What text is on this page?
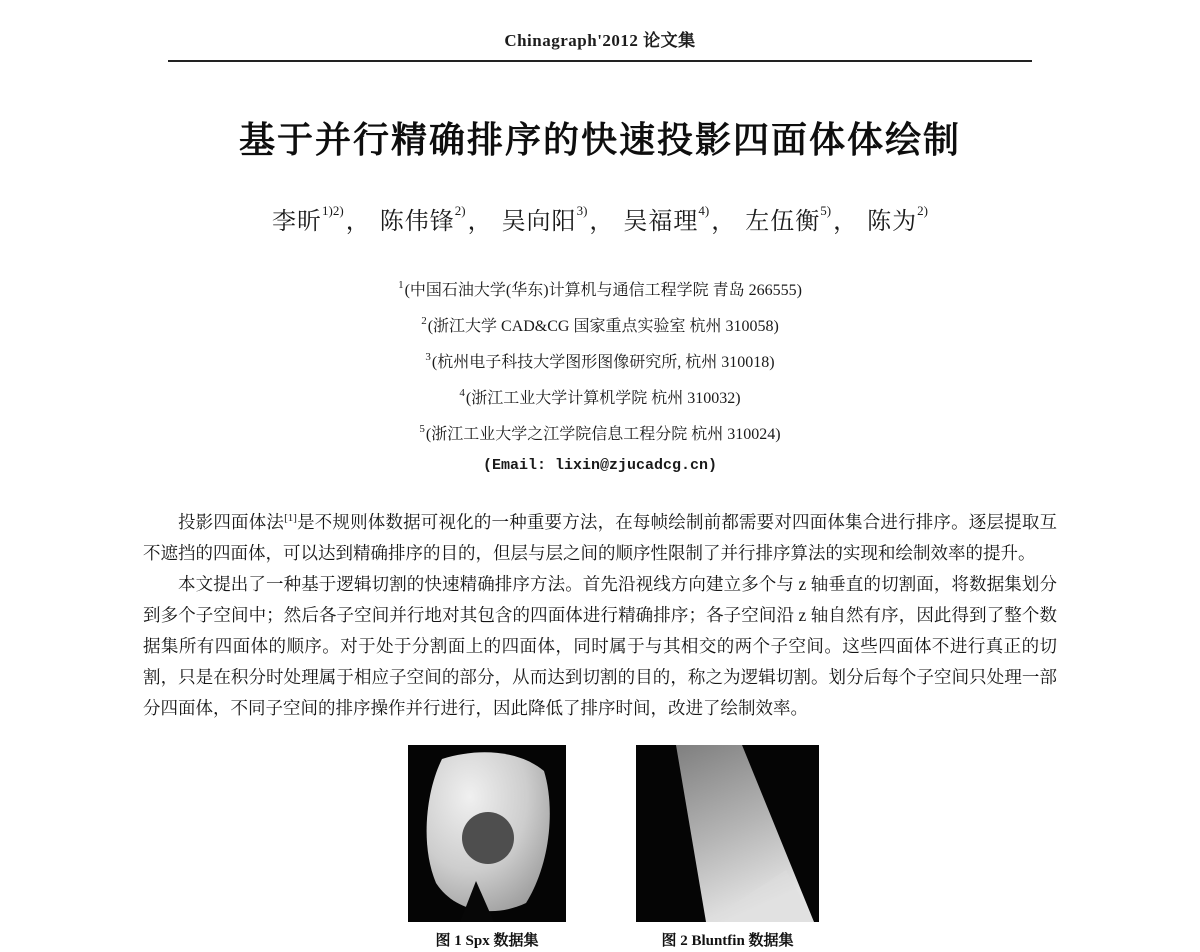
Chinagraph'2012 论文集
基于并行精确排序的快速投影四面体体绘制
李昕$^{1)2)}$， 陈伟锋$^{2)}$， 吴向阳$^{3)}$， 吴福理$^{4)}$， 左伍衡$^{5)}$， 陈为$^{2)}$
$^1$(中国石油大学(华东)计算机与通信工程学院 青岛 266555)
$^2$(浙江大学 CAD&CG 国家重点实验室 杭州 310058)
$^3$(杭州电子科技大学图形图像研究所, 杭州 310018)
$^4$(浙江工业大学计算机学院 杭州 310032)
$^5$(浙江工业大学之江学院信息工程分院 杭州 310024)
(Email: lixin@zjucadcg.cn)

投影四面体法[1]是不规则体数据可视化的一种重要方法，在每帧绘制前都需要对四面体集合进行排序。逐层提取互不遮挡的四面体，可以达到精确排序的目的，但层与层之间的顺序性限制了并行排序算法的实现和绘制效率的提升。

本文提出了一种基于逻辑切割的快速精确排序方法。首先沿视线方向建立多个与 z 轴垂直的切割面，将数据集划分到多个子空间中；然后各子空间并行地对其包含的四面体进行精确排序；各子空间沿 z 轴自然有序，因此得到了整个数据集所有四面体的顺序。对于处于分割面上的四面体，同时属于与其相交的两个子空间。这些四面体不进行真正的切割，只是在积分时处理属于相应子空间的部分，从而达到切割的目的，称之为逻辑切割。划分后每个子空间只处理一部分四面体，不同子空间的排序操作并行进行，因此降低了排序时间，改进了绘制效率。

图 1 Spx 数据集	图 2 Bluntfin 数据集
